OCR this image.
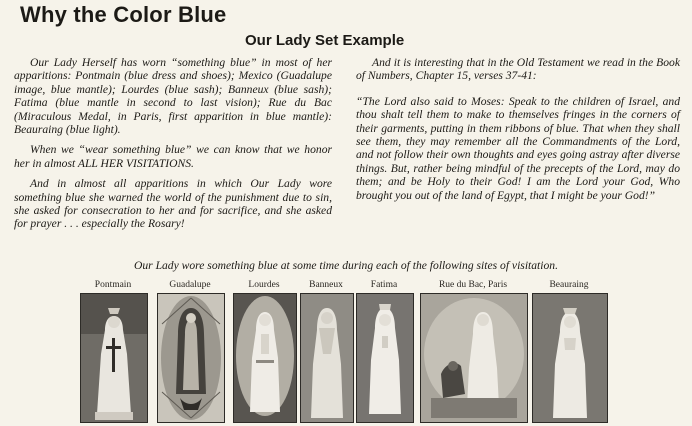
Why the Color Blue
Our Lady Set Example

Our Lady Herself has worn “something blue” in most of her apparitions: Pontmain (blue dress and shoes); Mexico (Guadalupe image, blue mantle); Lourdes (blue sash); Banneux (blue sash); Fatima (blue mantle in second to last vision); Rue du Bac (Miraculous Medal, in Paris, first apparition in blue mantle): Beauraing (blue light).

When we “wear something blue” we can know that we honor her in almost ALL HER VISITATIONS.

And in almost all apparitions in which Our Lady wore something blue she warned the world of the punishment due to sin, she asked for consecration to her and for sacrifice, and she asked for prayer . . . especially the Rosary!

And it is interesting that in the Old Testament we read in the Book of Numbers, Chapter 15, verses 37-41:

“The Lord also said to Moses: Speak to the children of Israel, and thou shalt tell them to make to themselves fringes in the corners of their garments, putting in them ribbons of blue. That when they shall see them, they may remember all the Commandments of the Lord, and not follow their own thoughts and eyes going astray after diverse things. But, rather being mindful of the precepts of the Lord, may do them; and be Holy to their God! I am the Lord your God, Who brought you out of the land of Egypt, that I might be your God!”

Our Lady wore something blue at some time during each of the following sites of visitation.
Pontmain	Guadalupe	Lourdes	Banneux	Fatima	Rue du Bac, Paris	Beauraing
